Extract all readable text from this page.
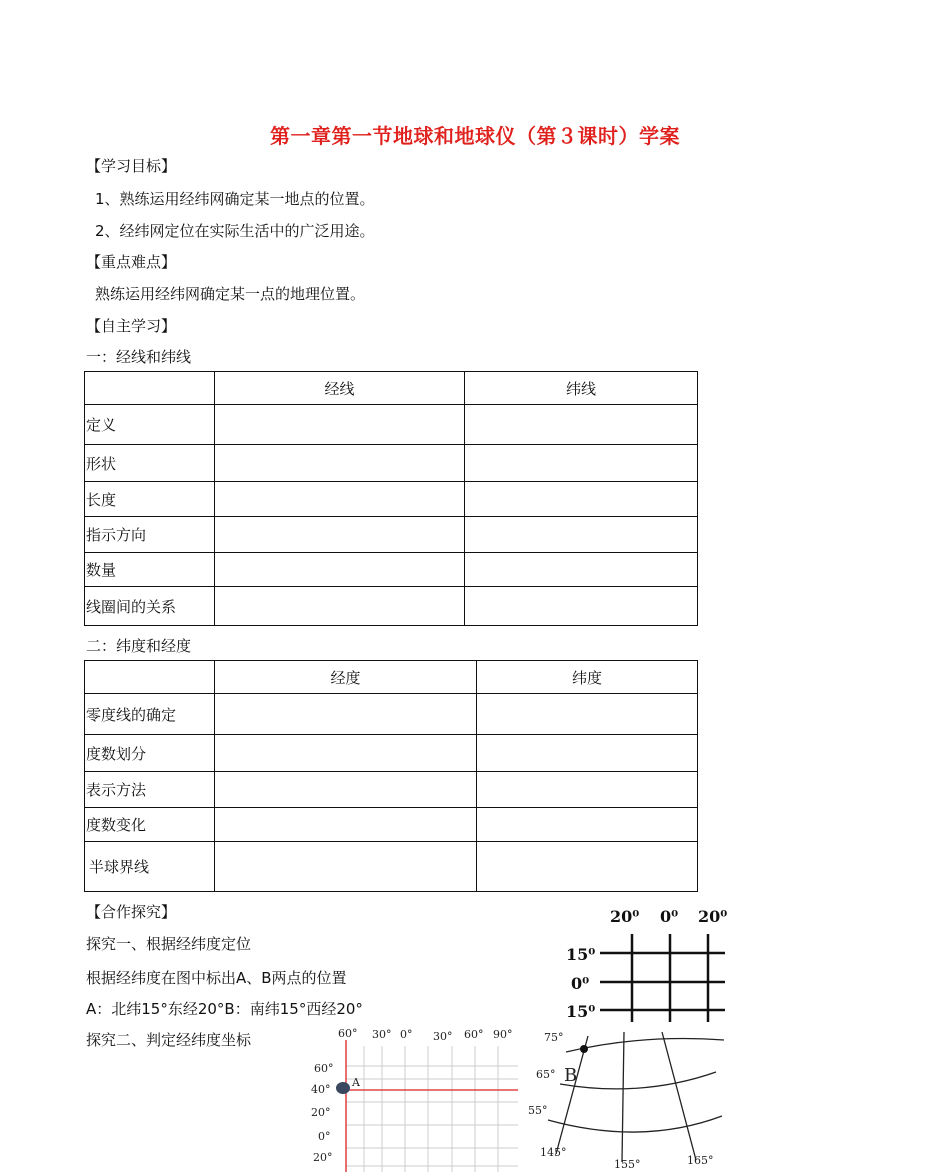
第一章第一节地球和地球仪（第３课时）学案
【学习目标】
1、熟练运用经纬网确定某一地点的位置。
2、经纬网定位在实际生活中的广泛用途。
【重点难点】
熟练运用经纬网确定某一点的地理位置。
【自主学习】
一：经线和纬线
	经线	纬线
定义		
形状		
长度		
指示方向		
数量		
线圈间的关系		
二：纬度和经度
	经度	纬度
零度线的确定		
度数划分		
表示方法		
度数变化		
半球界线		
【合作探究】
探究一、根据经纬度定位
根据经纬度在图中标出A、B两点的位置
A：北纬15°东经20°B：南纬15°西经20°
探究二、判定经纬度坐标
20⁰ 0⁰ 20⁰
15⁰
0⁰
15⁰
60° 30° 0° 30° 60° 90°
60°
40°
20°
0°
20°
A
75°
65°
55°
145°
155°	165°
B
